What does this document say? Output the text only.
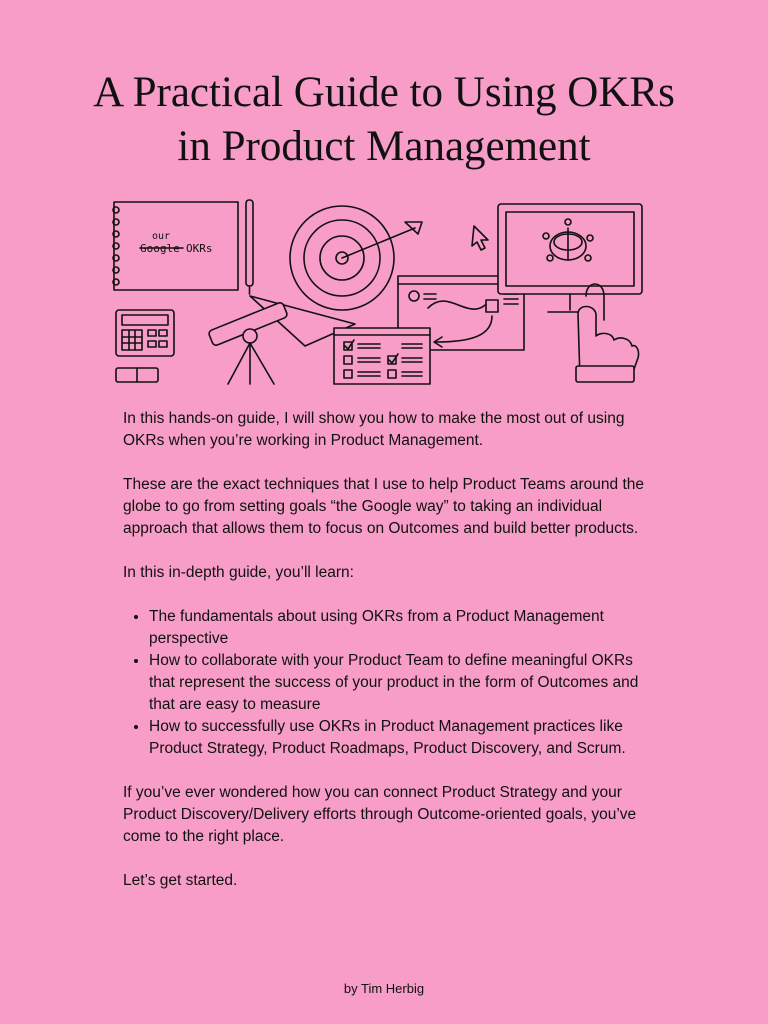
A Practical Guide to Using OKRs
in Product Management
our
Google OKRs

In this hands-on guide, I will show you how to make the most out of using OKRs when you’re working in Product Management.

These are the exact techniques that I use to help Product Teams around the globe to go from setting goals “the Google way” to taking an individual approach that allows them to focus on Outcomes and build better products.

In this in-depth guide, you’ll learn:

• The fundamentals about using OKRs from a Product Management perspective
• How to collaborate with your Product Team to define meaningful OKRs that represent the success of your product in the form of Outcomes and that are easy to measure
• How to successfully use OKRs in Product Management practices like Product Strategy, Product Roadmaps, Product Discovery, and Scrum.

If you’ve ever wondered how you can connect Product Strategy and your Product Discovery/Delivery efforts through Outcome-oriented goals, you’ve come to the right place.

Let’s get started.

by Tim Herbig
